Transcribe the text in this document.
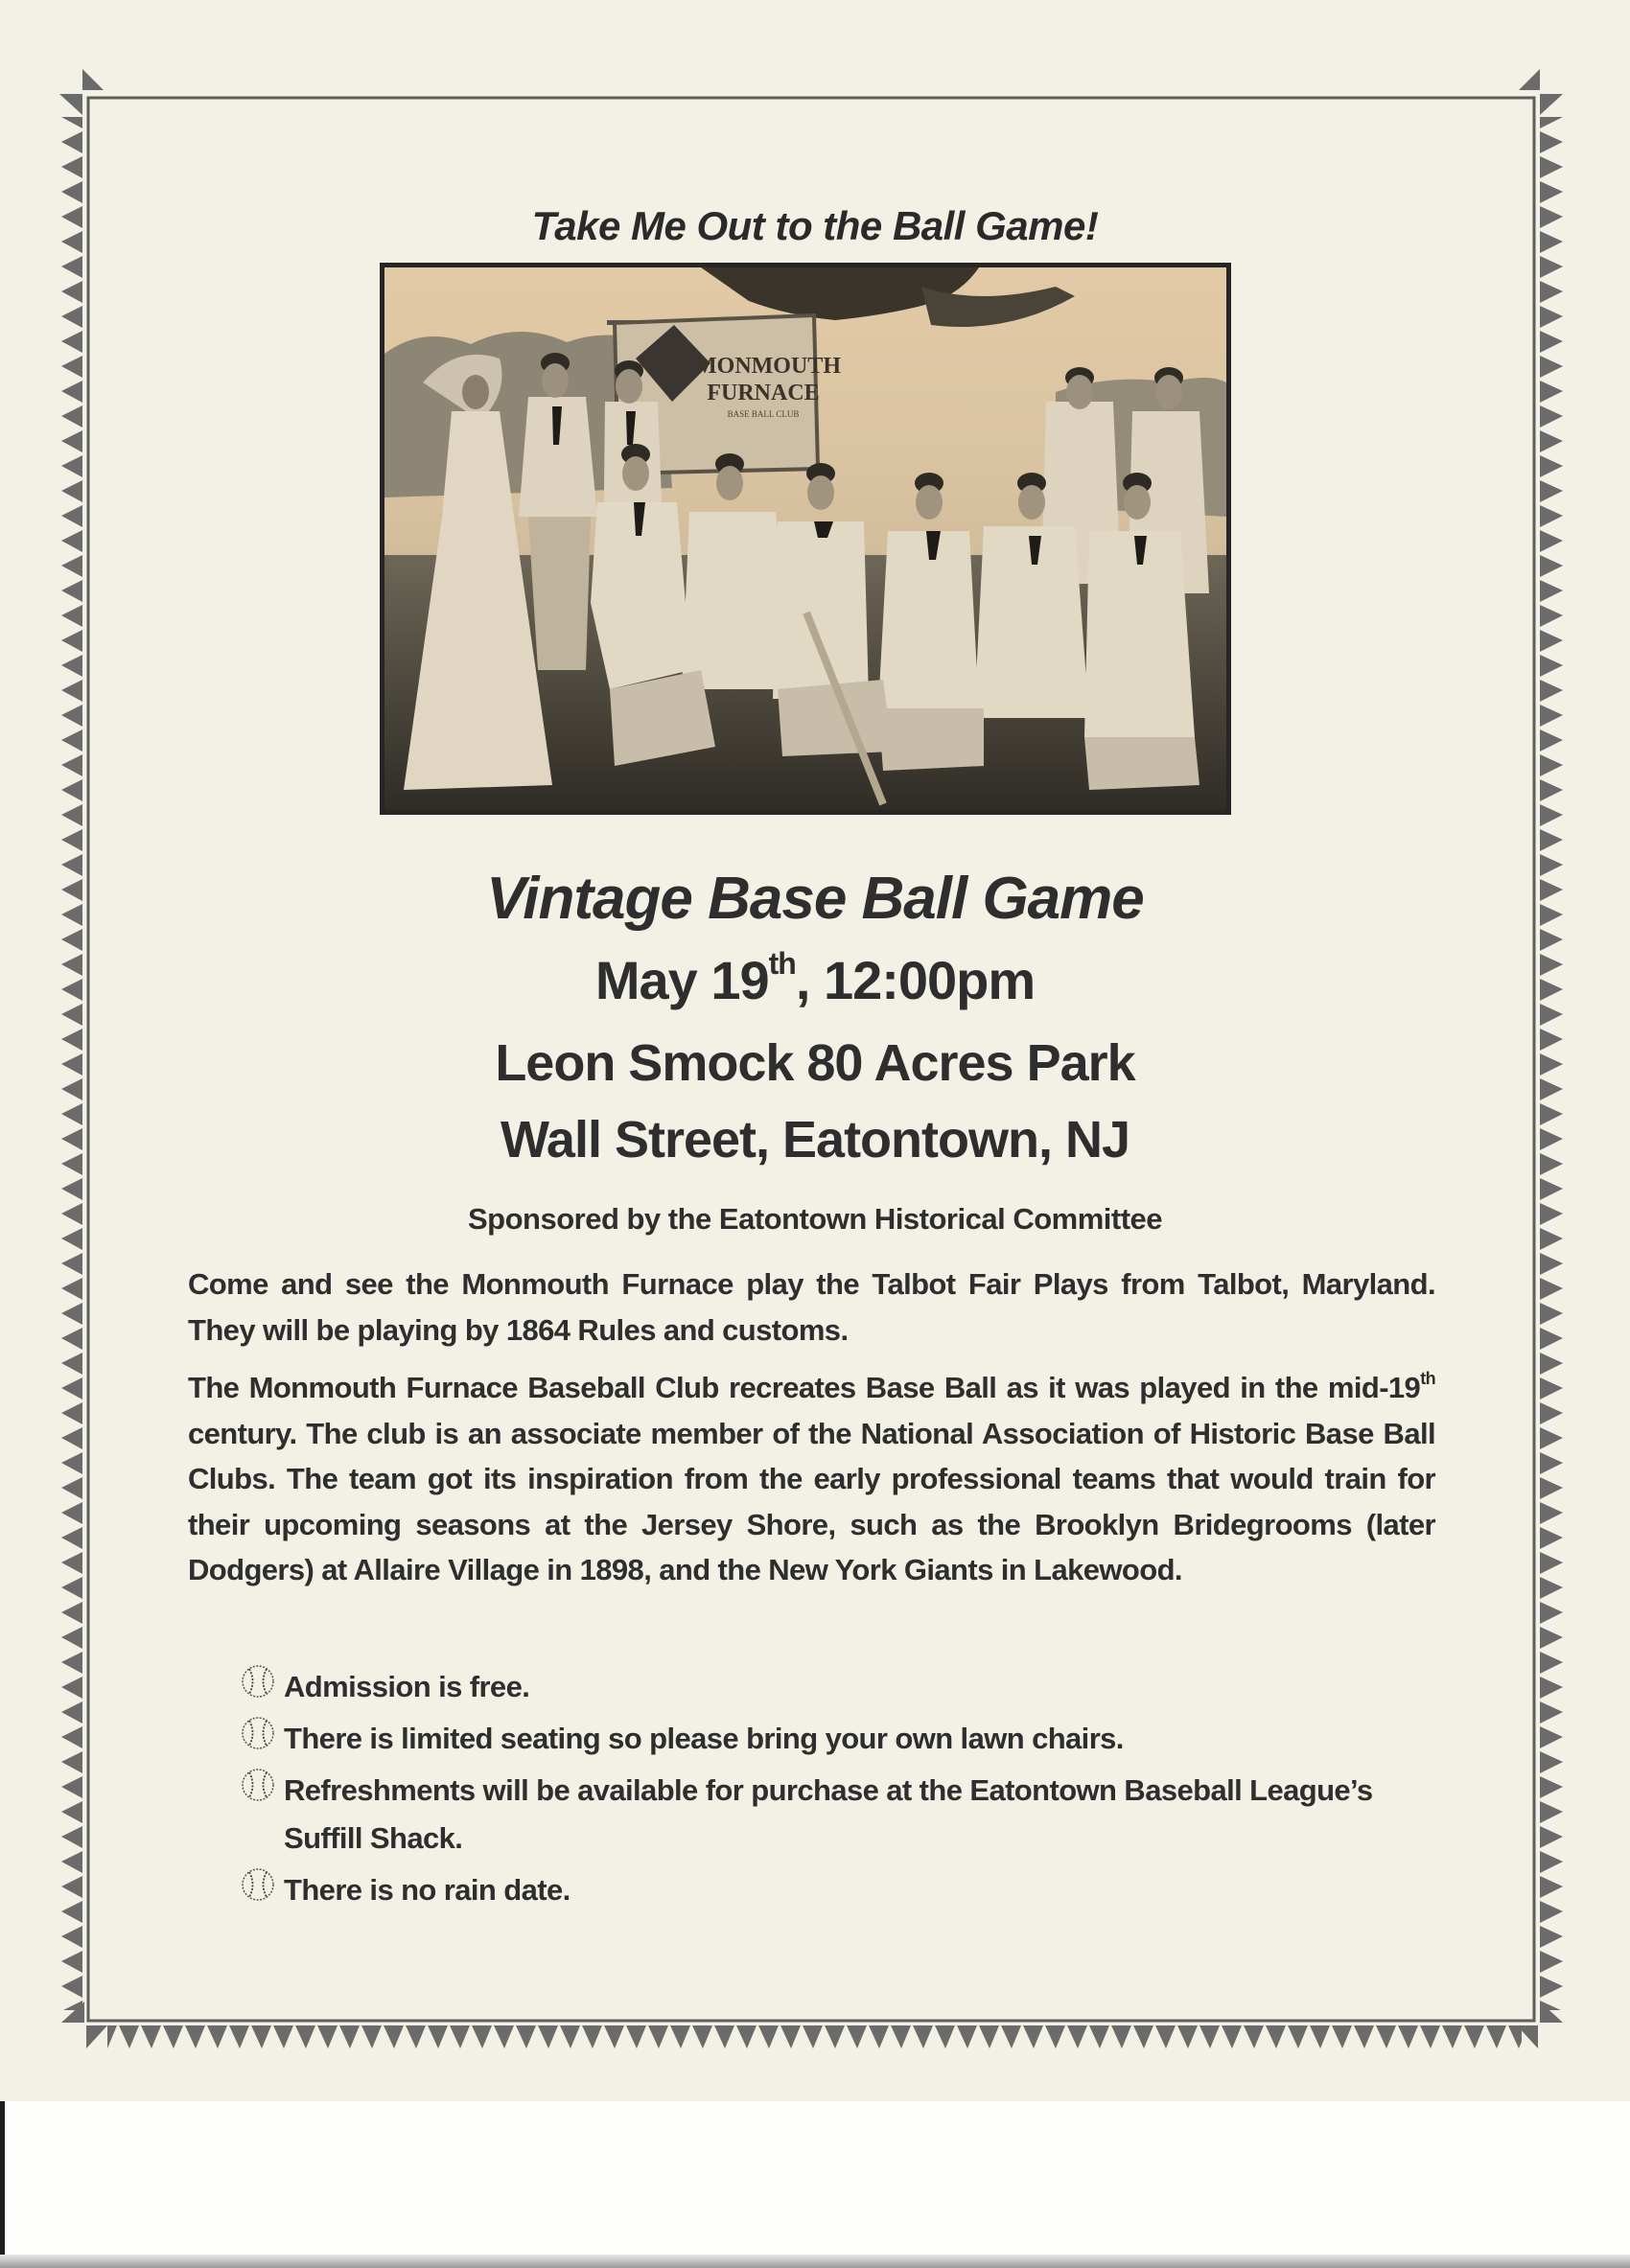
Take Me Out to the Ball Game!
MONMOUTH
FURNACE
BASE BALL CLUB
Vintage Base Ball Game
May 19th, 12:00pm
Leon Smock 80 Acres Park
Wall Street, Eatontown, NJ
Sponsored by the Eatontown Historical Committee

Come and see the Monmouth Furnace play the Talbot Fair Plays from Talbot, Maryland. They will be playing by 1864 Rules and customs.

The Monmouth Furnace Baseball Club recreates Base Ball as it was played in the mid-19th century. The club is an associate member of the National Association of Historic Base Ball Clubs. The team got its inspiration from the early professional teams that would train for their upcoming seasons at the Jersey Shore, such as the Brooklyn Bridegrooms (later Dodgers) at Allaire Village in 1898, and the New York Giants in Lakewood.

Admission is free.
There is limited seating so please bring your own lawn chairs.
Refreshments will be available for purchase at the Eatontown Baseball League’s Suffill Shack.
There is no rain date.
